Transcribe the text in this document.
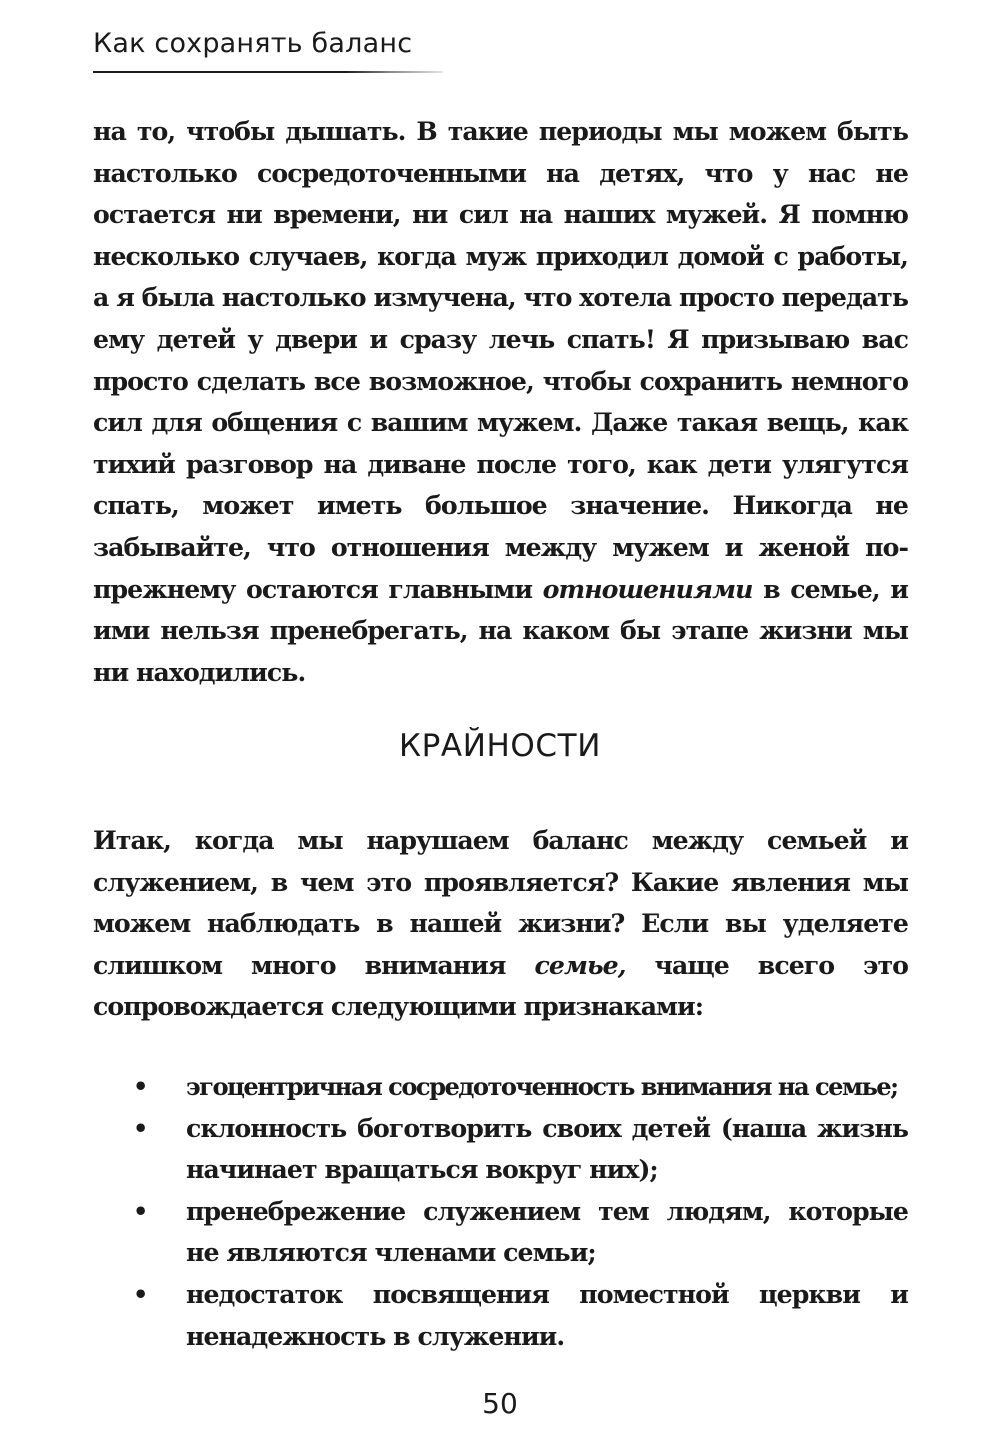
Как сохранять баланс

на то, чтобы дышать. В такие периоды мы можем быть настолько сосредоточенными на детях, что у нас не остается ни времени, ни сил на наших мужей. Я помню несколько случаев, когда муж приходил домой с работы, а я была настолько измучена, что хотела просто передать ему детей у двери и сразу лечь спать! Я призываю вас просто сделать все возможное, чтобы сохранить немного сил для общения с вашим мужем. Даже такая вещь, как тихий разговор на диване после того, как дети улягутся спать, может иметь большое значение. Никогда не забывайте, что отношения между мужем и женой по-прежнему остаются главными отношениями в семье, и ими нельзя пренебрегать, на каком бы этапе жизни мы ни находились.

КРАЙНОСТИ

Итак, когда мы нарушаем баланс между семьей и служением, в чем это проявляется? Какие явления мы можем наблюдать в нашей жизни? Если вы уделяете слишком много внимания семье, чаще всего это сопровождается следующими признаками:

• эгоцентричная сосредоточенность внимания на семье;
• склонность боготворить своих детей (наша жизнь начинает вращаться вокруг них);
• пренебрежение служением тем людям, которые не являются членами семьи;
• недостаток посвящения поместной церкви и ненадежность в служении.
50
